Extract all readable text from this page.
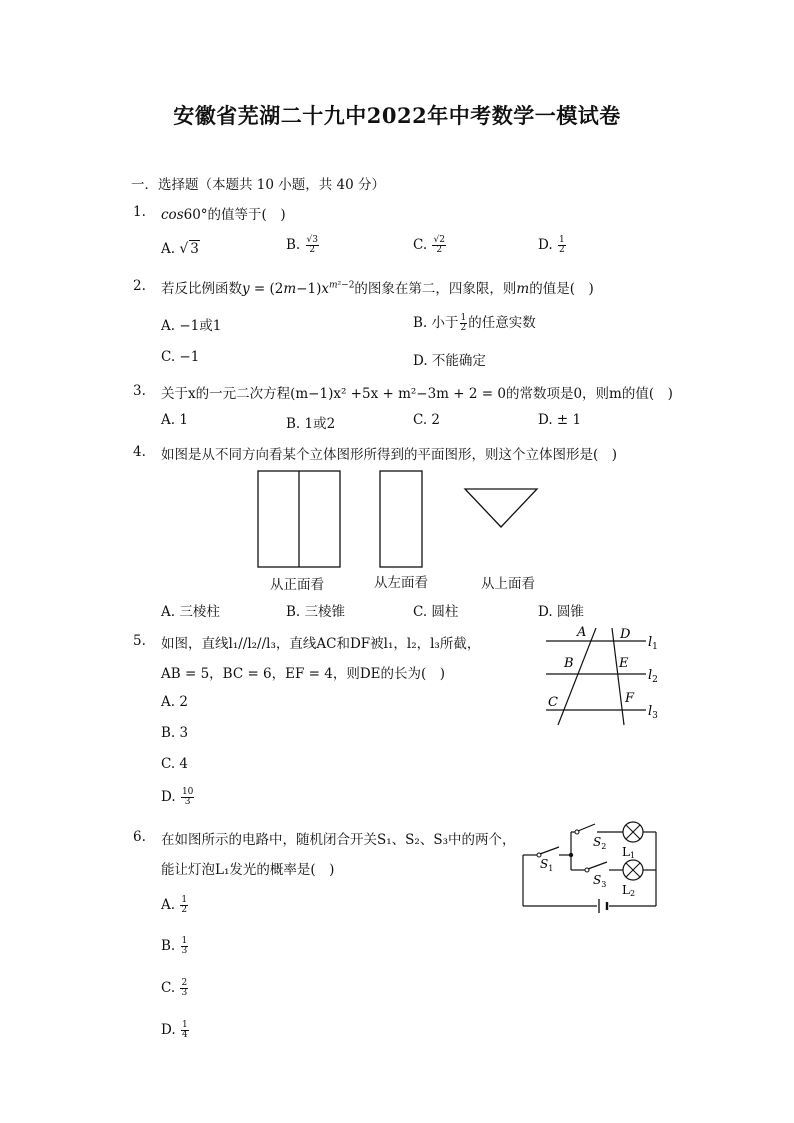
安徽省芜湖二十九中2022年中考数学一模试卷
一．选择题（本题共 10 小题，共 40 分）
1. cos60°的值等于(　)
A. √ 3	B. $\frac{√3}{2}$	C. $\frac{√2}{2}$	D. $\frac{1}{2}$
2. 若反比例函数$y = (2m-1)x^{m^2-2}$的图象在第二，四象限，则m的值是(　)
A. −1或1	B. 小于 $\frac{1}{2}$ 的任意实数
C. −1	D. 不能确定
3. 关于x的一元二次方程(m−1)x² +5x + m²−3m + 2 = 0的常数项是0，则m的值(　)
A. 1	B. 1或2	C. 2	D. ± 1
4. 如图是从不同方向看某个立体图形所得到的平面图形，则这个立体图形是(　)
从正面看	从左面看	从上面看
A. 三棱柱	B. 三棱锥	C. 圆柱	D. 圆锥
5. 如图，直线l₁//l₂//l₃，直线AC和DF被l₁，l₂，l₃所截，
AB = 5，BC = 6，EF = 4，则DE的长为(　)
A	D
B	E
C	F
$l_1$
$l_2$
$l_3$
A. 2
B. 3
C. 4
D. $\frac{10}{3}$
6. 在如图所示的电路中，随机闭合开关S₁、S₂、S₃中的两个，
能让灯泡L₁发光的概率是(　)	$S_1$
$S_2$
$S_3$
L1
L2
A. $\frac{1}{2}$
B. $\frac{1}{3}$
C. $\frac{2}{3}$
D. $\frac{1}{4}$
